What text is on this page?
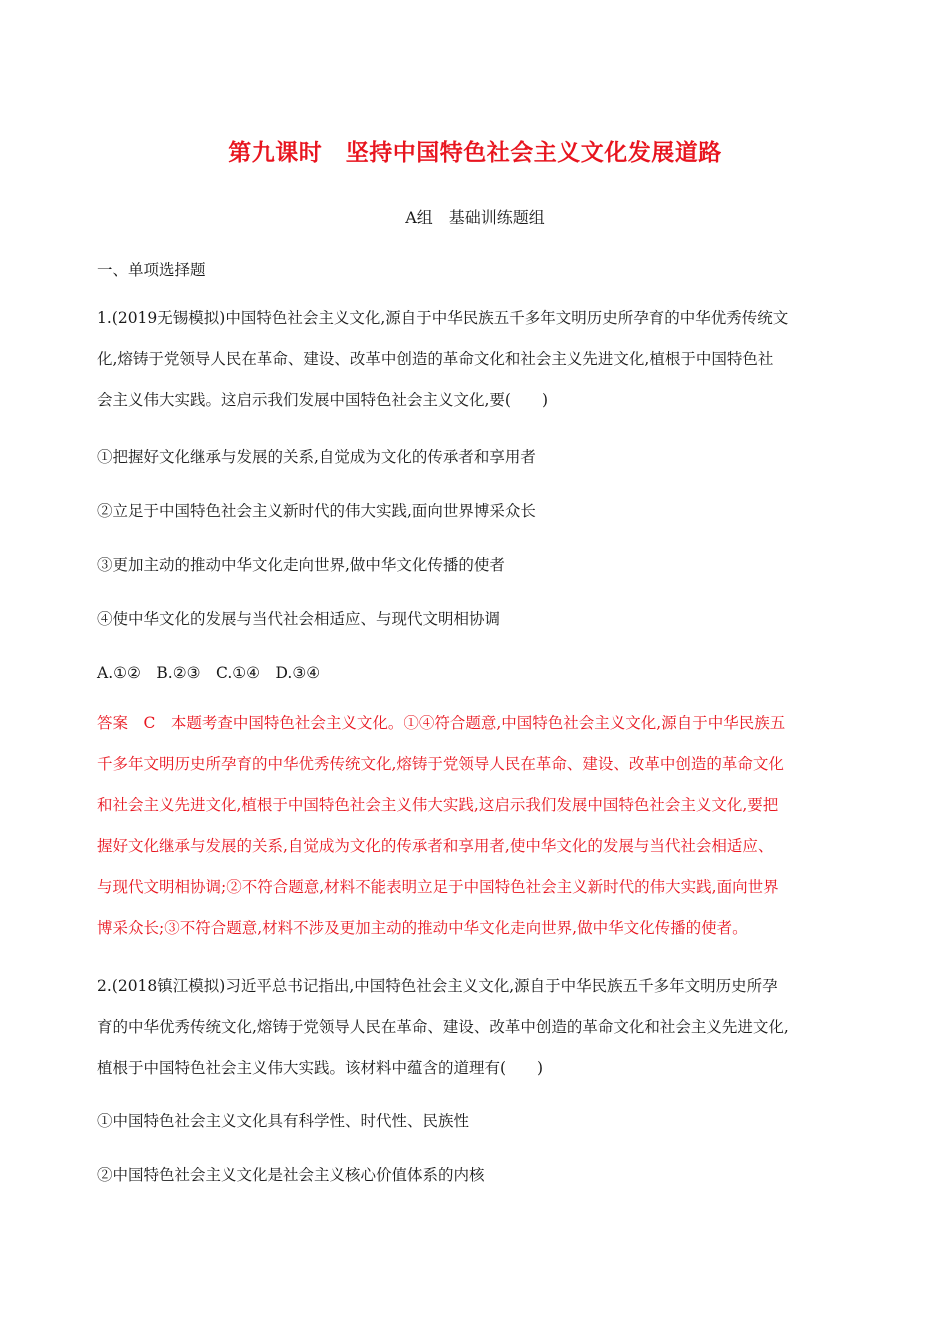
第九课时　坚持中国特色社会主义文化发展道路
A组　基础训练题组
一、单项选择题
1.(2019无锡模拟)中国特色社会主义文化,源自于中华民族五千多年文明历史所孕育的中华优秀传统文
化,熔铸于党领导人民在革命、建设、改革中创造的革命文化和社会主义先进文化,植根于中国特色社
会主义伟大实践。这启示我们发展中国特色社会主义文化,要(　　)
①把握好文化继承与发展的关系,自觉成为文化的传承者和享用者
②立足于中国特色社会主义新时代的伟大实践,面向世界博采众长
③更加主动的推动中华文化走向世界,做中华文化传播的使者
④使中华文化的发展与当代社会相适应、与现代文明相协调
A.①②　B.②③　C.①④　D.③④
答案　C　本题考查中国特色社会主义文化。①④符合题意,中国特色社会主义文化,源自于中华民族五
千多年文明历史所孕育的中华优秀传统文化,熔铸于党领导人民在革命、建设、改革中创造的革命文化
和社会主义先进文化,植根于中国特色社会主义伟大实践,这启示我们发展中国特色社会主义文化,要把
握好文化继承与发展的关系,自觉成为文化的传承者和享用者,使中华文化的发展与当代社会相适应、
与现代文明相协调;②不符合题意,材料不能表明立足于中国特色社会主义新时代的伟大实践,面向世界
博采众长;③不符合题意,材料不涉及更加主动的推动中华文化走向世界,做中华文化传播的使者。
2.(2018镇江模拟)习近平总书记指出,中国特色社会主义文化,源自于中华民族五千多年文明历史所孕
育的中华优秀传统文化,熔铸于党领导人民在革命、建设、改革中创造的革命文化和社会主义先进文化,
植根于中国特色社会主义伟大实践。该材料中蕴含的道理有(　　)
①中国特色社会主义文化具有科学性、时代性、民族性
②中国特色社会主义文化是社会主义核心价值体系的内核
